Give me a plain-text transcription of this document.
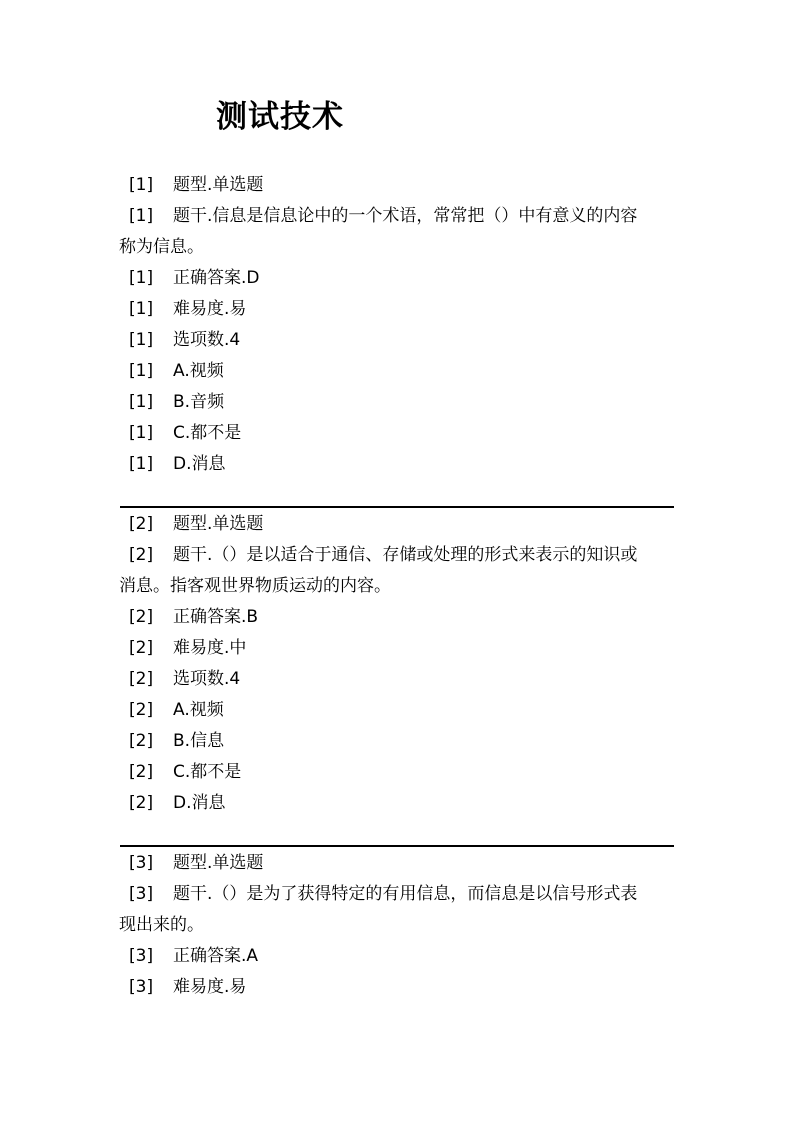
测试技术
[1] 题型.单选题
[1] 题干.信息是信息论中的一个术语，常常把（）中有意义的内容
称为信息。
[1] 正确答案.D
[1] 难易度.易
[1] 选项数.4
[1] A.视频
[1] B.音频
[1] C.都不是
[1] D.消息
[2] 题型.单选题
[2] 题干.（）是以适合于通信、存储或处理的形式来表示的知识或
消息。指客观世界物质运动的内容。
[2] 正确答案.B
[2] 难易度.中
[2] 选项数.4
[2] A.视频
[2] B.信息
[2] C.都不是
[2] D.消息
[3] 题型.单选题
[3] 题干.（）是为了获得特定的有用信息，而信息是以信号形式表
现出来的。
[3] 正确答案.A
[3] 难易度.易
